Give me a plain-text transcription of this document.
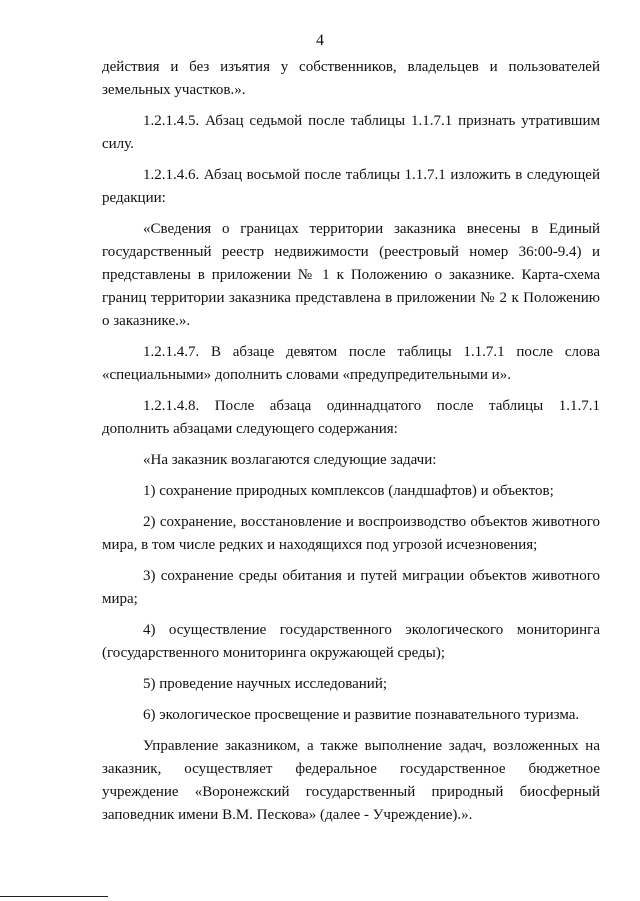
4

действия и без изъятия у собственников, владельцев и пользователей земельных участков.».

1.2.1.4.5. Абзац седьмой после таблицы 1.1.7.1 признать утратившим силу.

1.2.1.4.6. Абзац восьмой после таблицы 1.1.7.1 изложить в следующей редакции:

«Сведения о границах территории заказника внесены в Единый государственный реестр недвижимости (реестровый номер 36:00-9.4) и представлены в приложении № 1 к Положению о заказнике. Карта-схема границ территории заказника представлена в приложении № 2 к Положению о заказнике.».

1.2.1.4.7. В абзаце девятом после таблицы 1.1.7.1 после слова «специальными» дополнить словами «предупредительными и».

1.2.1.4.8. После абзаца одиннадцатого после таблицы 1.1.7.1 дополнить абзацами следующего содержания:

«На заказник возлагаются следующие задачи:

1) сохранение природных комплексов (ландшафтов) и объектов;

2) сохранение, восстановление и воспроизводство объектов животного мира, в том числе редких и находящихся под угрозой исчезновения;

3) сохранение среды обитания и путей миграции объектов животного мира;

4) осуществление государственного экологического мониторинга (государственного мониторинга окружающей среды);

5) проведение научных исследований;

6) экологическое просвещение и развитие познавательного туризма.

Управление заказником, а также выполнение задач, возложенных на заказник, осуществляет федеральное государственное бюджетное учреждение «Воронежский государственный природный биосферный заповедник имени В.М. Пескова» (далее - Учреждение).».
